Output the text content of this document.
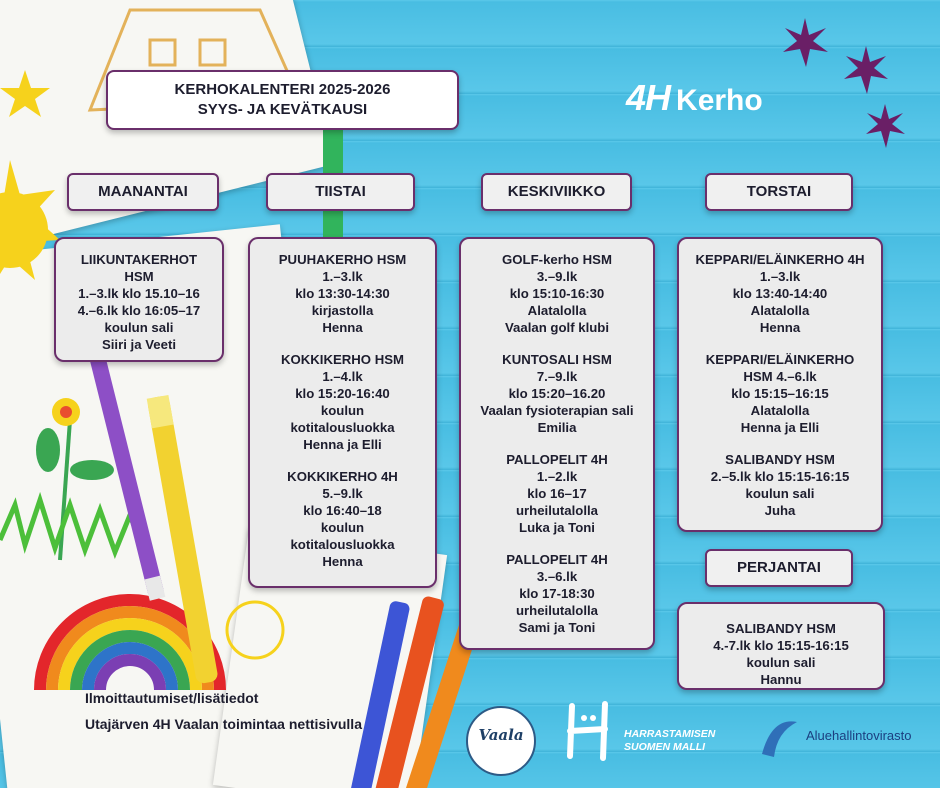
KERHOKALENTERI 2025-2026
SYYS- JA KEVÄTKAUSI	4H Kerho
MAANANTAI	TIISTAI	KESKIVIIKKO	TORSTAI
PERJANTAI
LIIKUNTAKERHOT
HSM
1.–3.lk klo 15.10–16
4.–6.lk klo 16:05–17
koulun sali
Siiri ja Veeti
PUUHAKERHO HSM
1.–3.lk
klo 13:30-14:30
kirjastolla
Henna
KOKKIKERHO HSM
1.–4.lk
klo 15:20-16:40
koulun
kotitalousluokka
Henna ja Elli
KOKKIKERHO 4H
5.–9.lk
klo 16:40–18
koulun
kotitalousluokka
Henna
GOLF-kerho HSM
3.–9.lk
klo 15:10-16:30
Alatalolla
Vaalan golf klubi
KUNTOSALI HSM
7.–9.lk
klo 15:20–16.20
Vaalan fysioterapian sali
Emilia
PALLOPELIT 4H
1.–2.lk
klo 16–17
urheilutalolla
Luka ja Toni
PALLOPELIT 4H
3.–6.lk
klo 17-18:30
urheilutalolla
Sami ja Toni
KEPPARI/ELÄINKERHO 4H
1.–3.lk
klo 13:40-14:40
Alatalolla
Henna
KEPPARI/ELÄINKERHO
HSM 4.–6.lk
klo 15:15–16:15
Alatalolla
Henna ja Elli
SALIBANDY HSM
2.–5.lk klo 15:15-16:15
koulun sali
Juha
SALIBANDY HSM
4.-7.lk klo 15:15-16:15
koulun sali
Hannu
Ilmoittautumiset/lisätiedot
Utajärven 4H Vaalan toimintaa nettisivulla
Vaala	HARRASTAMISEN
SUOMEN MALLI
Aluehallintovirasto
